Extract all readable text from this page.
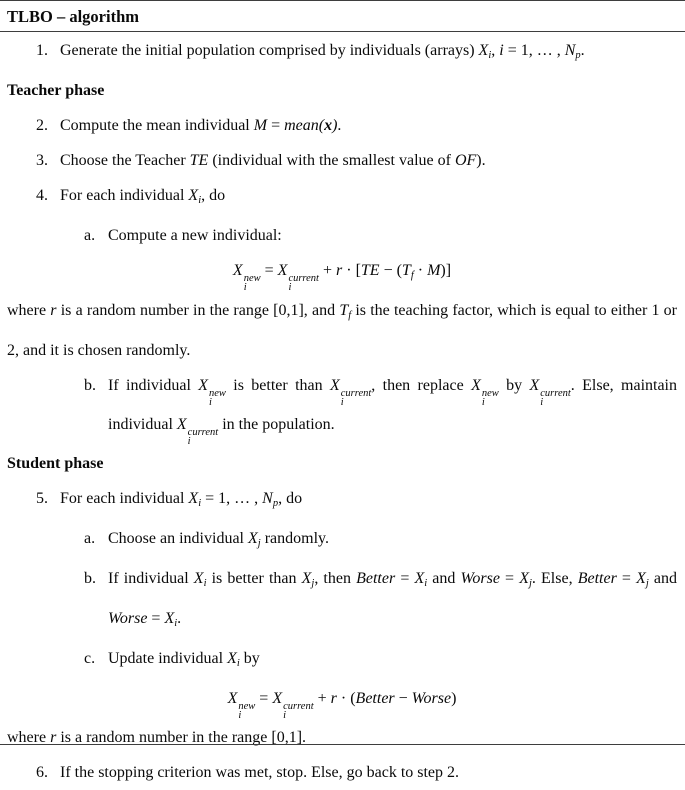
TLBO – algorithm
1. Generate the initial population comprised by individuals (arrays) Xi, i = 1, … , Np.
Teacher phase
2. Compute the mean individual M = mean(x).
3. Choose the Teacher TE (individual with the smallest value of OF).
4. For each individual Xi, do
a. Compute a new individual:
X new
i
= X current
i
+ r · [TE − (Tf · M)]
where r is a random number in the range [0,1], and Tf is the teaching factor, which is equal to either 1 or 2, and it is chosen randomly.
b. If individual X new
i
is better than X current
i
, then replace X new
i
by X current
i
. Else, maintain individual X current
i
in the population.
Student phase
5. For each individual Xi = 1, … , Np, do
a. Choose an individual Xj randomly.
b. If individual Xi is better than Xj, then Better = Xi and Worse = Xj. Else, Better = Xj and Worse = Xi.
c. Update individual Xi by
X new
i
= X current
i
+ r · (Better − Worse)
where r is a random number in the range [0,1].
6. If the stopping criterion was met, stop. Else, go back to step 2.
